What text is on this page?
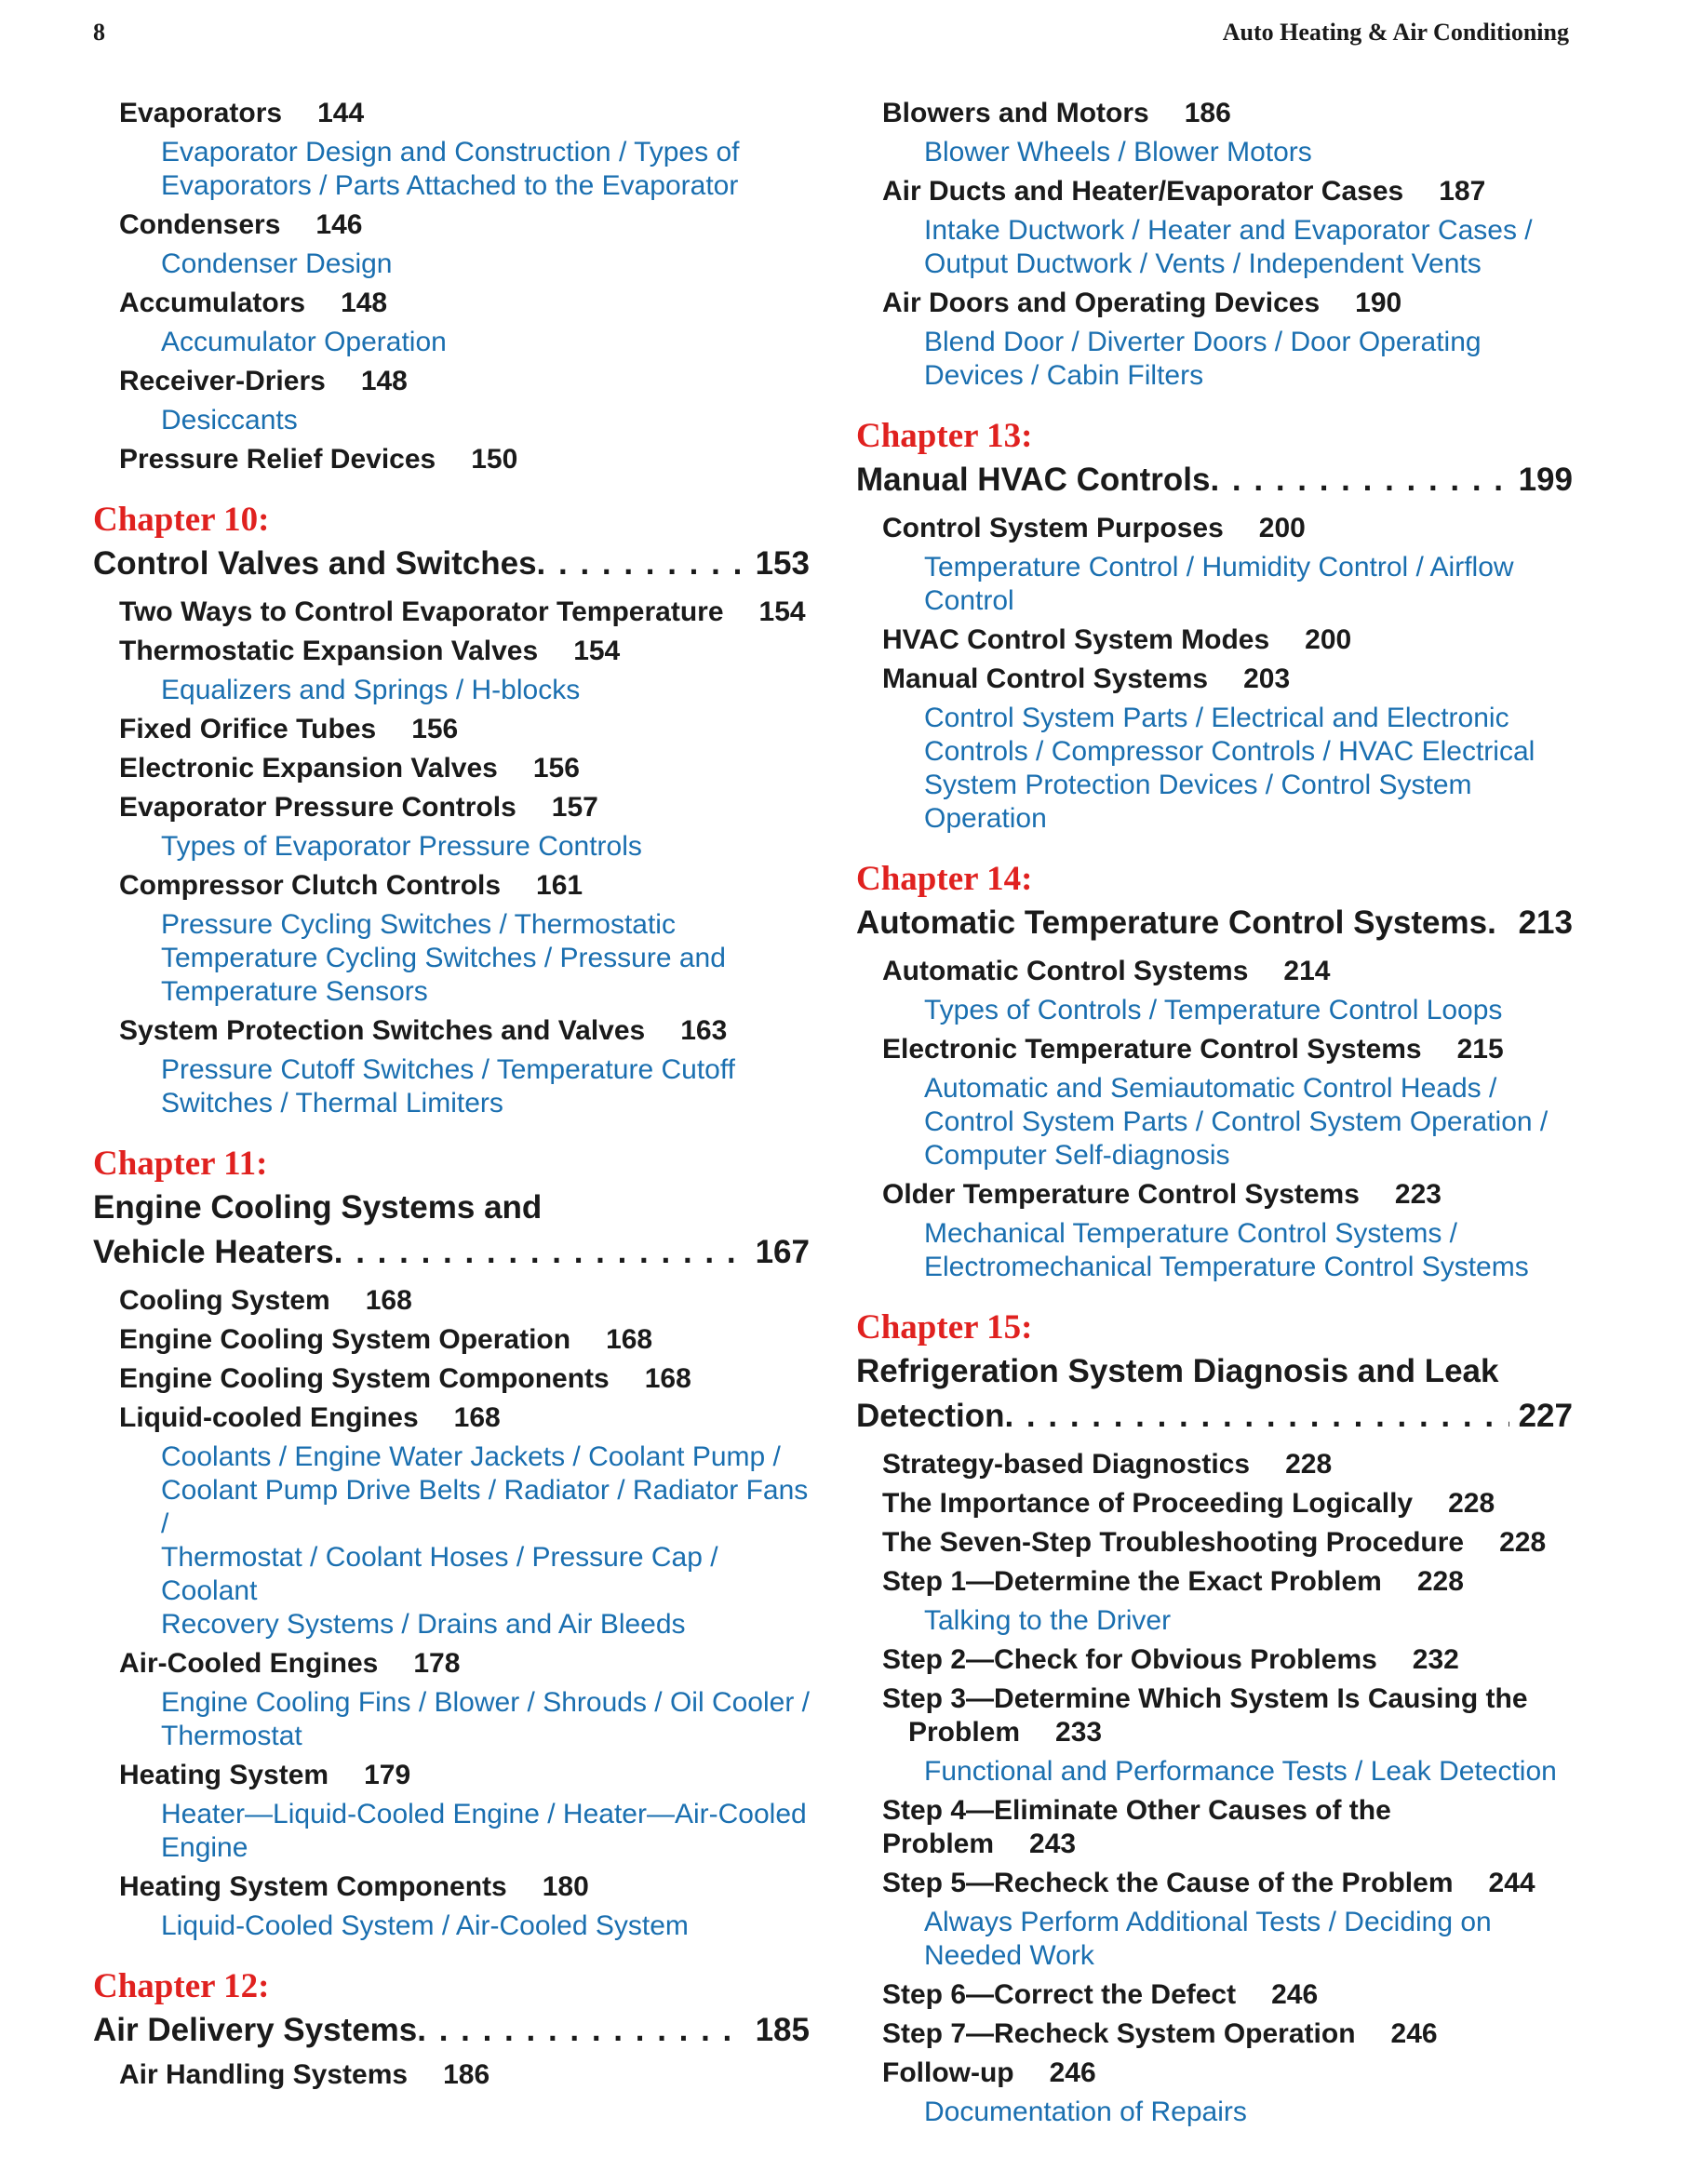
8	Auto Heating & Air Conditioning
Evaporators 144
Evaporator Design and Construction / Types of
Evaporators / Parts Attached to the Evaporator
Condensers 146
Condenser Design
Accumulators 148
Accumulator Operation
Receiver-Driers 148
Desiccants
Pressure Relief Devices 150
Chapter 10:
Control Valves and Switches . . .	153
Two Ways to Control Evaporator Temperature 154
Thermostatic Expansion Valves 154
Equalizers and Springs / H-blocks
Fixed Orifice Tubes 156
Electronic Expansion Valves 156
Evaporator Pressure Controls 157
Types of Evaporator Pressure Controls
Compressor Clutch Controls 161
Pressure Cycling Switches / Thermostatic
Temperature Cycling Switches / Pressure and
Temperature Sensors
System Protection Switches and Valves 163
Pressure Cutoff Switches / Temperature Cutoff
Switches / Thermal Limiters
Chapter 11:
Engine Cooling Systems and
Vehicle Heaters . . .	167
Cooling System 168
Engine Cooling System Operation 168
Engine Cooling System Components 168
Liquid-cooled Engines 168
Coolants / Engine Water Jackets / Coolant Pump /
Coolant Pump Drive Belts / Radiator / Radiator Fans /
Thermostat / Coolant Hoses / Pressure Cap / Coolant
Recovery Systems / Drains and Air Bleeds
Air-Cooled Engines 178
Engine Cooling Fins / Blower / Shrouds / Oil Cooler /
Thermostat
Heating System 179
Heater—Liquid-Cooled Engine / Heater—Air-Cooled
Engine
Heating System Components 180
Liquid-Cooled System / Air-Cooled System
Chapter 12:
Air Delivery Systems . . .	185
Air Handling Systems 186
Blowers and Motors 186
Blower Wheels / Blower Motors
Air Ducts and Heater/Evaporator Cases 187
Intake Ductwork / Heater and Evaporator Cases /
Output Ductwork / Vents / Independent Vents
Air Doors and Operating Devices 190
Blend Door / Diverter Doors / Door Operating
Devices / Cabin Filters
Chapter 13:
Manual HVAC Controls . . .	199
Control System Purposes 200
Temperature Control / Humidity Control / Airflow
Control
HVAC Control System Modes 200
Manual Control Systems 203
Control System Parts / Electrical and Electronic
Controls / Compressor Controls / HVAC Electrical
System Protection Devices / Control System
Operation
Chapter 14:
Automatic Temperature Control Systems . . . 213
Automatic Control Systems 214
Types of Controls / Temperature Control Loops
Electronic Temperature Control Systems 215
Automatic and Semiautomatic Control Heads /
Control System Parts / Control System Operation /
Computer Self-diagnosis
Older Temperature Control Systems 223
Mechanical Temperature Control Systems /
Electromechanical Temperature Control Systems
Chapter 15:
Refrigeration System Diagnosis and Leak
Detection . . .	227
Strategy-based Diagnostics 228
The Importance of Proceeding Logically 228
The Seven-Step Troubleshooting Procedure 228
Step 1—Determine the Exact Problem 228
Talking to the Driver
Step 2—Check for Obvious Problems 232
Step 3—Determine Which System Is Causing the Problem 233
Functional and Performance Tests / Leak Detection
Step 4—Eliminate Other Causes of the Problem 243
Step 5—Recheck the Cause of the Problem 244
Always Perform Additional Tests / Deciding on
Needed Work
Step 6—Correct the Defect 246
Step 7—Recheck System Operation 246
Follow-up 246
Documentation of Repairs
